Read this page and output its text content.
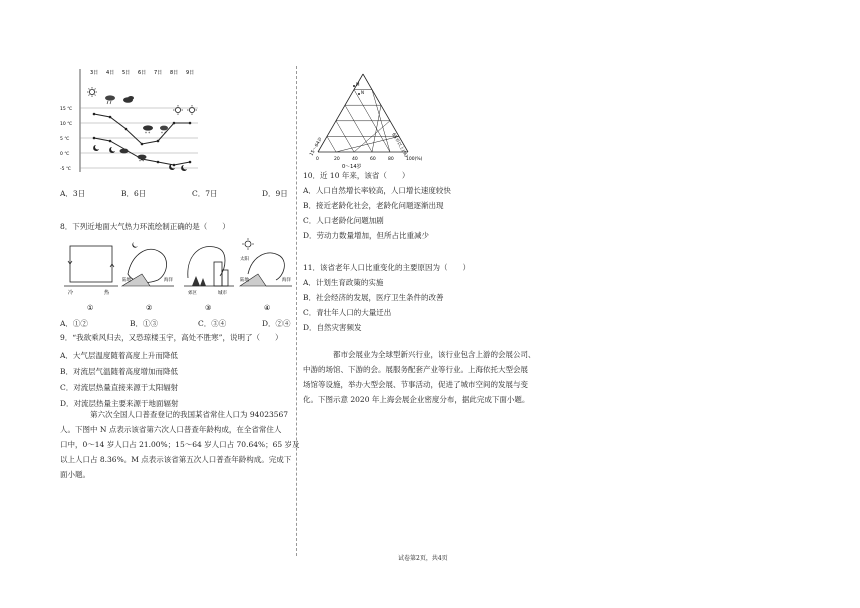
3日 4日 5日 6日 7日 8日 9日
15 ℃
10 ℃
5 ℃
0 ℃
-5 ℃
* *	* *
* *
A．3日	B．6日	C．7日	D．9日
8．下列近地面大气热力环流绘制正确的是（　　）
冷	热
①
陆地	海洋
②
郊区	城市
③
太阳
陆地	海洋
④
A．①②	B．①③	C．③④	D．②④
9．“我欲乘风归去，又恐琼楼玉宇，高处不胜寒”，说明了（　　）
A．大气层温度随着高度上升而降低
B．对流层气温随着高度增加而降低
C．对流层热量直接来源于太阳辐射
D．对流层热量主要来源于地面辐射
第六次全国人口普查登记的我国某省常住人口为 94023567
人。下图中 N 点表示该省第六次人口普查年龄构成，在全省常住人
口中，0～14 岁人口占 21.00%；15～64 岁人口占 70.64%；65 岁及
以上人口占 8.36%。M 点表示该省第五次人口普查年龄构成。完成下
面小题。
0	20	40	60	80	100(%)
15～64岁	65岁以上(%)
0～14岁
M
N
10．近 10 年来，该省（　　）
A．人口自然增长率较高，人口增长速度较快
B．接近老龄化社会，老龄化问题逐渐出现
C．人口老龄化问题加剧
D．劳动力数量增加，但所占比重减少
11．该省老年人口比重变化的主要原因为（　　）
A．计划生育政策的实施
B．社会经济的发展，医疗卫生条件的改善
C．青壮年人口的大量迁出
D．自然灾害频发
都市会展业为全球型新兴行业，该行业包含上游的会展公司、
中游的场馆、下游的会。展服务配套产业等行业。上海依托大型会展
场馆等设施，举办大型会展、节事活动，促进了城市空间的发展与变
化。下图示意 2020 年上海会展企业密度分布，据此完成下面小题。
试卷第2页，共4页
